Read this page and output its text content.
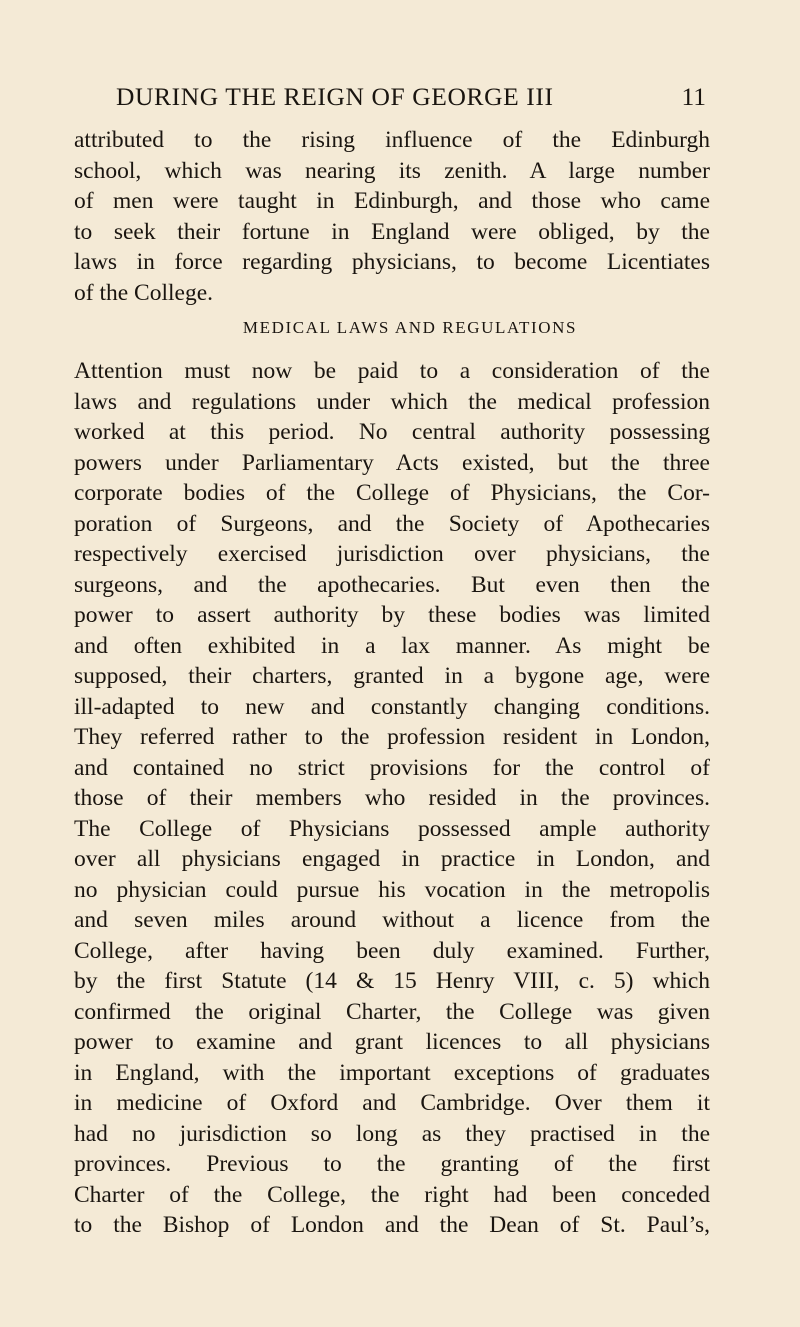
DURING THE REIGN OF GEORGE III	11
attributed to the rising influence of the Edinburgh
school, which was nearing its zenith. A large number
of men were taught in Edinburgh, and those who came
to seek their fortune in England were obliged, by the
laws in force regarding physicians, to become Licentiates
of the College.
MEDICAL LAWS AND REGULATIONS
Attention must now be paid to a consideration of the
laws and regulations under which the medical profession
worked at this period. No central authority possessing
powers under Parliamentary Acts existed, but the three
corporate bodies of the College of Physicians, the Cor-
poration of Surgeons, and the Society of Apothecaries
respectively exercised jurisdiction over physicians, the
surgeons, and the apothecaries. But even then the
power to assert authority by these bodies was limited
and often exhibited in a lax manner. As might be
supposed, their charters, granted in a bygone age, were
ill-adapted to new and constantly changing conditions.
They referred rather to the profession resident in London,
and contained no strict provisions for the control of
those of their members who resided in the provinces.
The College of Physicians possessed ample authority
over all physicians engaged in practice in London, and
no physician could pursue his vocation in the metropolis
and seven miles around without a licence from the
College, after having been duly examined. Further,
by the first Statute (14 & 15 Henry VIII, c. 5) which
confirmed the original Charter, the College was given
power to examine and grant licences to all physicians
in England, with the important exceptions of graduates
in medicine of Oxford and Cambridge. Over them it
had no jurisdiction so long as they practised in the
provinces. Previous to the granting of the first
Charter of the College, the right had been conceded
to the Bishop of London and the Dean of St. Paul’s,
